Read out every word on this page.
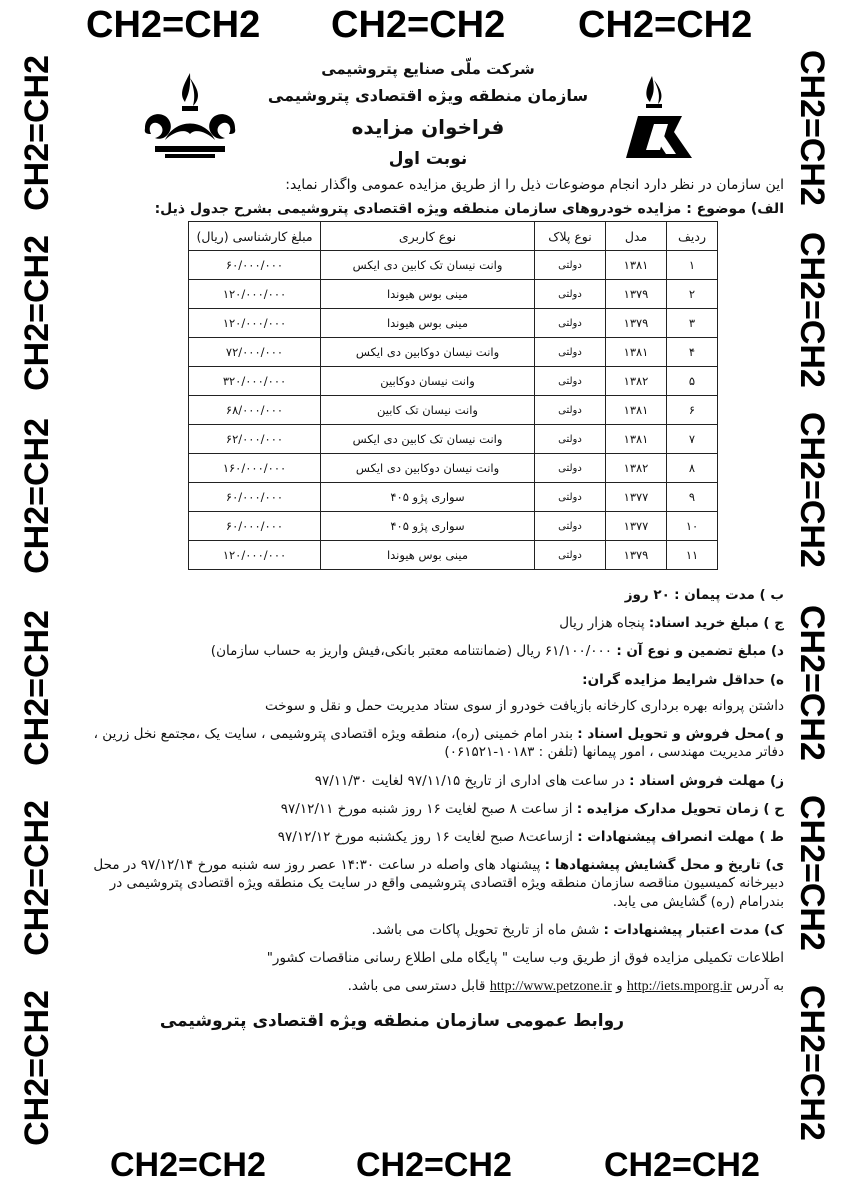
CH2=CH2 CH2=CH2 CH2=CH2
CH2=CH2	CH2=CH2	CH2=CH2
CH2=CH2
CH2=CH2
CH2=CH2
CH2=CH2
CH2=CH2
CH2=CH2
CH2=CH2
CH2=CH2
CH2=CH2
CH2=CH2
CH2=CH2
CH2=CH2
شرکت ملّی صنایع پتروشیمی
سازمان منطقه ویژه اقتصادی پتروشیمی
فراخوان مزایده
نوبت اول
این سازمان در نظر دارد انجام موضوعات ذیل را از طریق مزایده عمومی واگذار نماید:
الف) موضوع : مزایده خودروهای سازمان منطقه ویژه اقتصادی پتروشیمی بشرح جدول ذیل:
ردیف	مدل	نوع پلاک	نوع کاربری	مبلغ کارشناسی (ریال)
۱	۱۳۸۱	دولتی	وانت نیسان تک کابین دی ایکس	۶۰/۰۰۰/۰۰۰
۲	۱۳۷۹	دولتی	مینی بوس هیوندا	۱۲۰/۰۰۰/۰۰۰
۳	۱۳۷۹	دولتی	مینی بوس هیوندا	۱۲۰/۰۰۰/۰۰۰
۴	۱۳۸۱	دولتی	وانت نیسان دوکابین دی ایکس	۷۲/۰۰۰/۰۰۰
۵	۱۳۸۲	دولتی	وانت نیسان دوکابین	۳۲۰/۰۰۰/۰۰۰
۶	۱۳۸۱	دولتی	وانت نیسان تک کابین	۶۸/۰۰۰/۰۰۰
۷	۱۳۸۱	دولتی	وانت نیسان تک کابین دی ایکس	۶۲/۰۰۰/۰۰۰
۸	۱۳۸۲	دولتی	وانت نیسان دوکابین دی ایکس	۱۶۰/۰۰۰/۰۰۰
۹	۱۳۷۷	دولتی	سواری پژو ۴۰۵	۶۰/۰۰۰/۰۰۰
۱۰	۱۳۷۷	دولتی	سواری پژو ۴۰۵	۶۰/۰۰۰/۰۰۰
۱۱	۱۳۷۹	دولتی	مینی بوس هیوندا	۱۲۰/۰۰۰/۰۰۰
ب ) مدت پیمان : ۲۰ روز
ج ) مبلغ خرید اسناد: پنجاه هزار ریال
د) مبلغ تضمین و نوع آن : ۶۱/۱۰۰/۰۰۰ ریال (ضمانتنامه معتبر بانکی،فیش واریز به حساب سازمان)
ه) حداقل شرایط مزایده گران:
داشتن پروانه بهره برداری کارخانه بازیافت خودرو از سوی ستاد مدیریت حمل و نقل و سوخت
و )محل فروش و تحویل اسناد : بندر امام خمینی (ره)، منطقه ویژه اقتصادی پتروشیمی ، سایت یک ،مجتمع نخل زرین ، دفاتر مدیریت مهندسی ، امور پیمانها (تلفن : ۱۰۱۸۳-۰۶۱۵۲۱)
ز) مهلت فروش اسناد : در ساعت های اداری از تاریخ ۹۷/۱۱/۱۵ لغایت ۹۷/۱۱/۳۰
ح ) زمان تحویل مدارک مزایده : از ساعت ۸ صبح لغایت ۱۶ روز شنبه مورخ ۹۷/۱۲/۱۱
ط ) مهلت انصراف پیشنهادات : ازساعت۸ صبح لغایت ۱۶ روز یکشنبه مورخ ۹۷/۱۲/۱۲
ی) تاریخ و محل گشایش پیشنهادها : پیشنهاد های واصله در ساعت ۱۴:۳۰ عصر روز سه شنبه مورخ ۹۷/۱۲/۱۴ در محل دبیرخانه کمیسیون مناقصه سازمان منطقه ویژه اقتصادی پتروشیمی واقع در سایت یک منطقه ویژه اقتصادی پتروشیمی در بندرامام (ره) گشایش می یابد.
ک) مدت اعتبار پیشنهادات : شش ماه از تاریخ تحویل پاکات می باشد.
اطلاعات تکمیلی مزایده فوق از طریق وب سایت " پایگاه ملی اطلاع رسانی مناقصات کشور"
به آدرس http://iets.mporg.ir و http://www.petzone.ir قابل دسترسی می باشد.
روابط عمومی سازمان منطقه ویژه اقتصادی پتروشیمی
